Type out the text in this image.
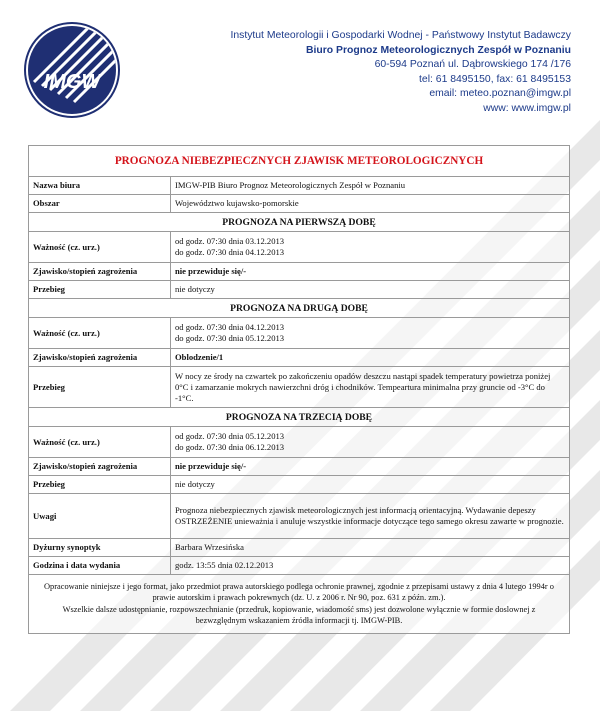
IMGW
Instytut Meteorologii i Gospodarki Wodnej - Państwowy Instytut Badawczy
Biuro Prognoz Meteorologicznych Zespół w Poznaniu
60-594 Poznań ul. Dąbrowskiego 174 /176
tel: 61 8495150, fax: 61 8495153
email: meteo.poznan@imgw.pl
www: www.imgw.pl
PROGNOZA NIEBEZPIECZNYCH ZJAWISK METEOROLOGICZNYCH	
Nazwa biura	IMGW-PIB Biuro Prognoz Meteorologicznych Zespół w Poznaniu
Obszar	Województwo kujawsko-pomorskie
PROGNOZA NA PIERWSZĄ DOBĘ	
Ważność (cz. urz.)	od godz. 07:30 dnia 03.12.2013
do godz. 07:30 dnia 04.12.2013

Zjawisko/stopień zagrożenia	nie przewiduje się/-
Przebieg	nie dotyczy
PROGNOZA NA DRUGĄ DOBĘ	
Ważność (cz. urz.)	od godz. 07:30 dnia 04.12.2013
do godz. 07:30 dnia 05.12.2013

Zjawisko/stopień zagrożenia	Oblodzenie/1
Przebieg	W nocy ze środy na czwartek po zakończeniu opadów deszczu nastąpi spadek temperatury powietrza poniżej 0°C i zamarzanie mokrych nawierzchni dróg i chodników. Tempeartura minimalna przy gruncie od -3°C do -1°C.
PROGNOZA NA TRZECIĄ DOBĘ	
Ważność (cz. urz.)	od godz. 07:30 dnia 05.12.2013
do godz. 07:30 dnia 06.12.2013

Zjawisko/stopień zagrożenia	nie przewiduje się/-
Przebieg	nie dotyczy
Uwagi	Prognoza niebezpiecznych zjawisk meteorologicznych jest informacją orientacyjną. Wydawanie depeszy OSTRZEŻENIE unieważnia i anuluje wszystkie informacje dotyczące tego samego okresu zawarte w prognozie.
Dyżurny synoptyk	Barbara Wrzesińska
Godzina i data wydania	godz. 13:55 dnia 02.12.2013

Opracowanie niniejsze i jego format, jako przedmiot prawa autorskiego podlega ochronie prawnej, zgodnie z przepisami ustawy z dnia 4 lutego 1994r o prawie autorskim i prawach pokrewnych (dz. U. z 2006 r. Nr 90, poz. 631 z późn. zm.).

Wszelkie dalsze udostępnianie, rozpowszechnianie (przedruk, kopiowanie, wiadomość sms) jest dozwolone wyłącznie w formie doslownej z bezwzględnym wskazaniem źródła informacji tj. IMGW-PIB.	
